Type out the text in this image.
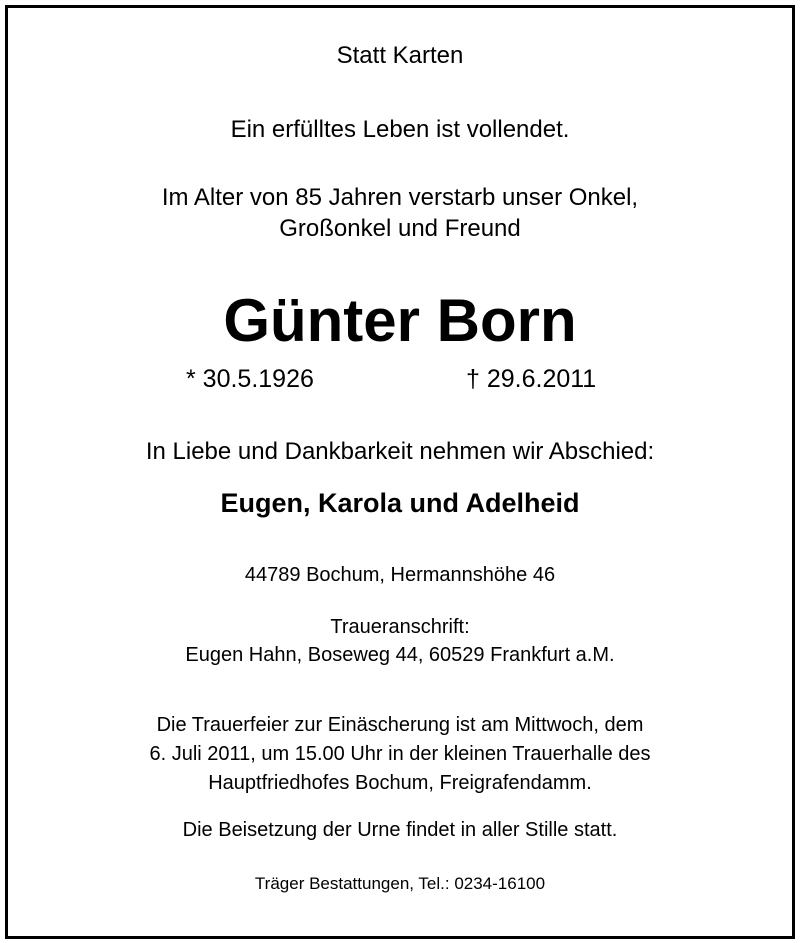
Statt Karten
Ein erfülltes Leben ist vollendet.
Im Alter von 85 Jahren verstarb unser Onkel,
Großonkel und Freund
Günter Born
* 30.5.1926	† 29.6.2011
In Liebe und Dankbarkeit nehmen wir Abschied:
Eugen, Karola und Adelheid
44789 Bochum, Hermannshöhe 46
Traueranschrift:
Eugen Hahn, Boseweg 44, 60529 Frankfurt a.M.
Die Trauerfeier zur Einäscherung ist am Mittwoch, dem
6. Juli 2011, um 15.00 Uhr in der kleinen Trauerhalle des
Hauptfriedhofes Bochum, Freigrafendamm.
Die Beisetzung der Urne findet in aller Stille statt.
Träger Bestattungen, Tel.: 0234-16100
